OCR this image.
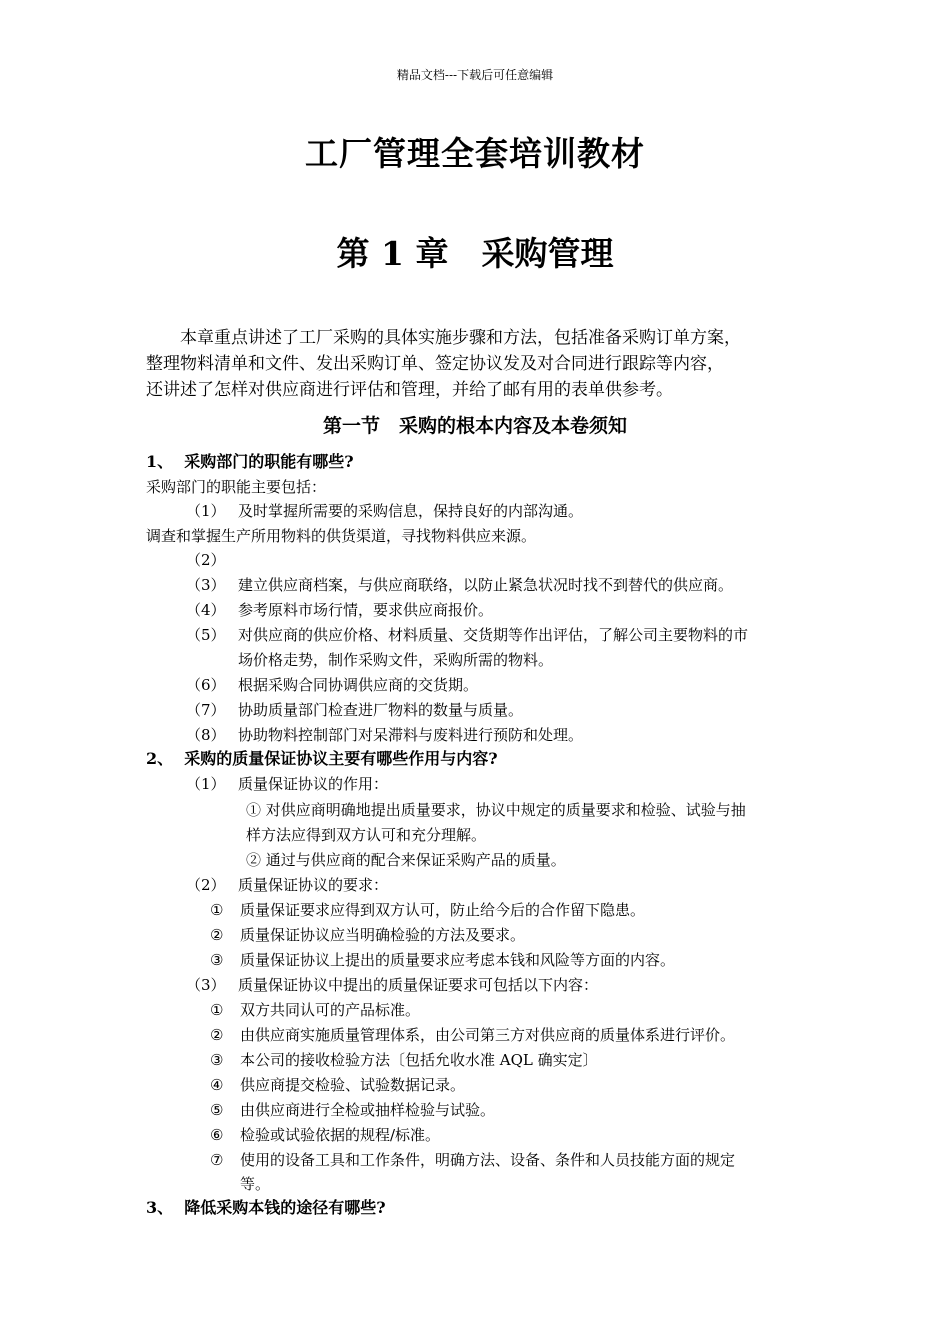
精品文档---下载后可任意编辑
工厂管理全套培训教材
第 1 章　采购管理
本章重点讲述了工厂采购的具体实施步骤和方法，包括准备采购订单方案，
整理物料清单和文件、发出采购订单、签定协议发及对合同进行跟踪等内容，
还讲述了怎样对供应商进行评估和管理，并给了邮有用的表单供参考。
第一节　采购的根本内容及本卷须知
1、 采购部门的职能有哪些?
采购部门的职能主要包括：
（1） 及时掌握所需要的采购信息，保持良好的内部沟通。
调查和掌握生产所用物料的供货渠道，寻找物料供应来源。
（2）
（3） 建立供应商档案，与供应商联络，以防止紧急状况时找不到替代的供应商。
（4） 参考原料市场行情，要求供应商报价。
（5） 对供应商的供应价格、材料质量、交货期等作出评估，了解公司主要物料的市
场价格走势，制作采购文件，采购所需的物料。
（6） 根据采购合同协调供应商的交货期。
（7） 协助质量部门检查进厂物料的数量与质量。
（8） 协助物料控制部门对呆滞料与废料进行预防和处理。
2、 采购的质量保证协议主要有哪些作用与内容?
（1） 质量保证协议的作用：
① 对供应商明确地提出质量要求，协议中规定的质量要求和检验、试验与抽
样方法应得到双方认可和充分理解。
② 通过与供应商的配合来保证采购产品的质量。
（2） 质量保证协议的要求：
① 质量保证要求应得到双方认可，防止给今后的合作留下隐患。
② 质量保证协议应当明确检验的方法及要求。
③ 质量保证协议上提出的质量要求应考虑本钱和风险等方面的内容。
（3） 质量保证协议中提出的质量保证要求可包括以下内容：
① 双方共同认可的产品标准。
② 由供应商实施质量管理体系，由公司第三方对供应商的质量体系进行评价。
③ 本公司的接收检验方法〔包括允收水准 AQL 确实定〕
④ 供应商提交检验、试验数据记录。
⑤ 由供应商进行全检或抽样检验与试验。
⑥ 检验或试验依据的规程/标准。
⑦ 使用的设备工具和工作条件，明确方法、设备、条件和人员技能方面的规定
等。
3、 降低采购本钱的途径有哪些?
